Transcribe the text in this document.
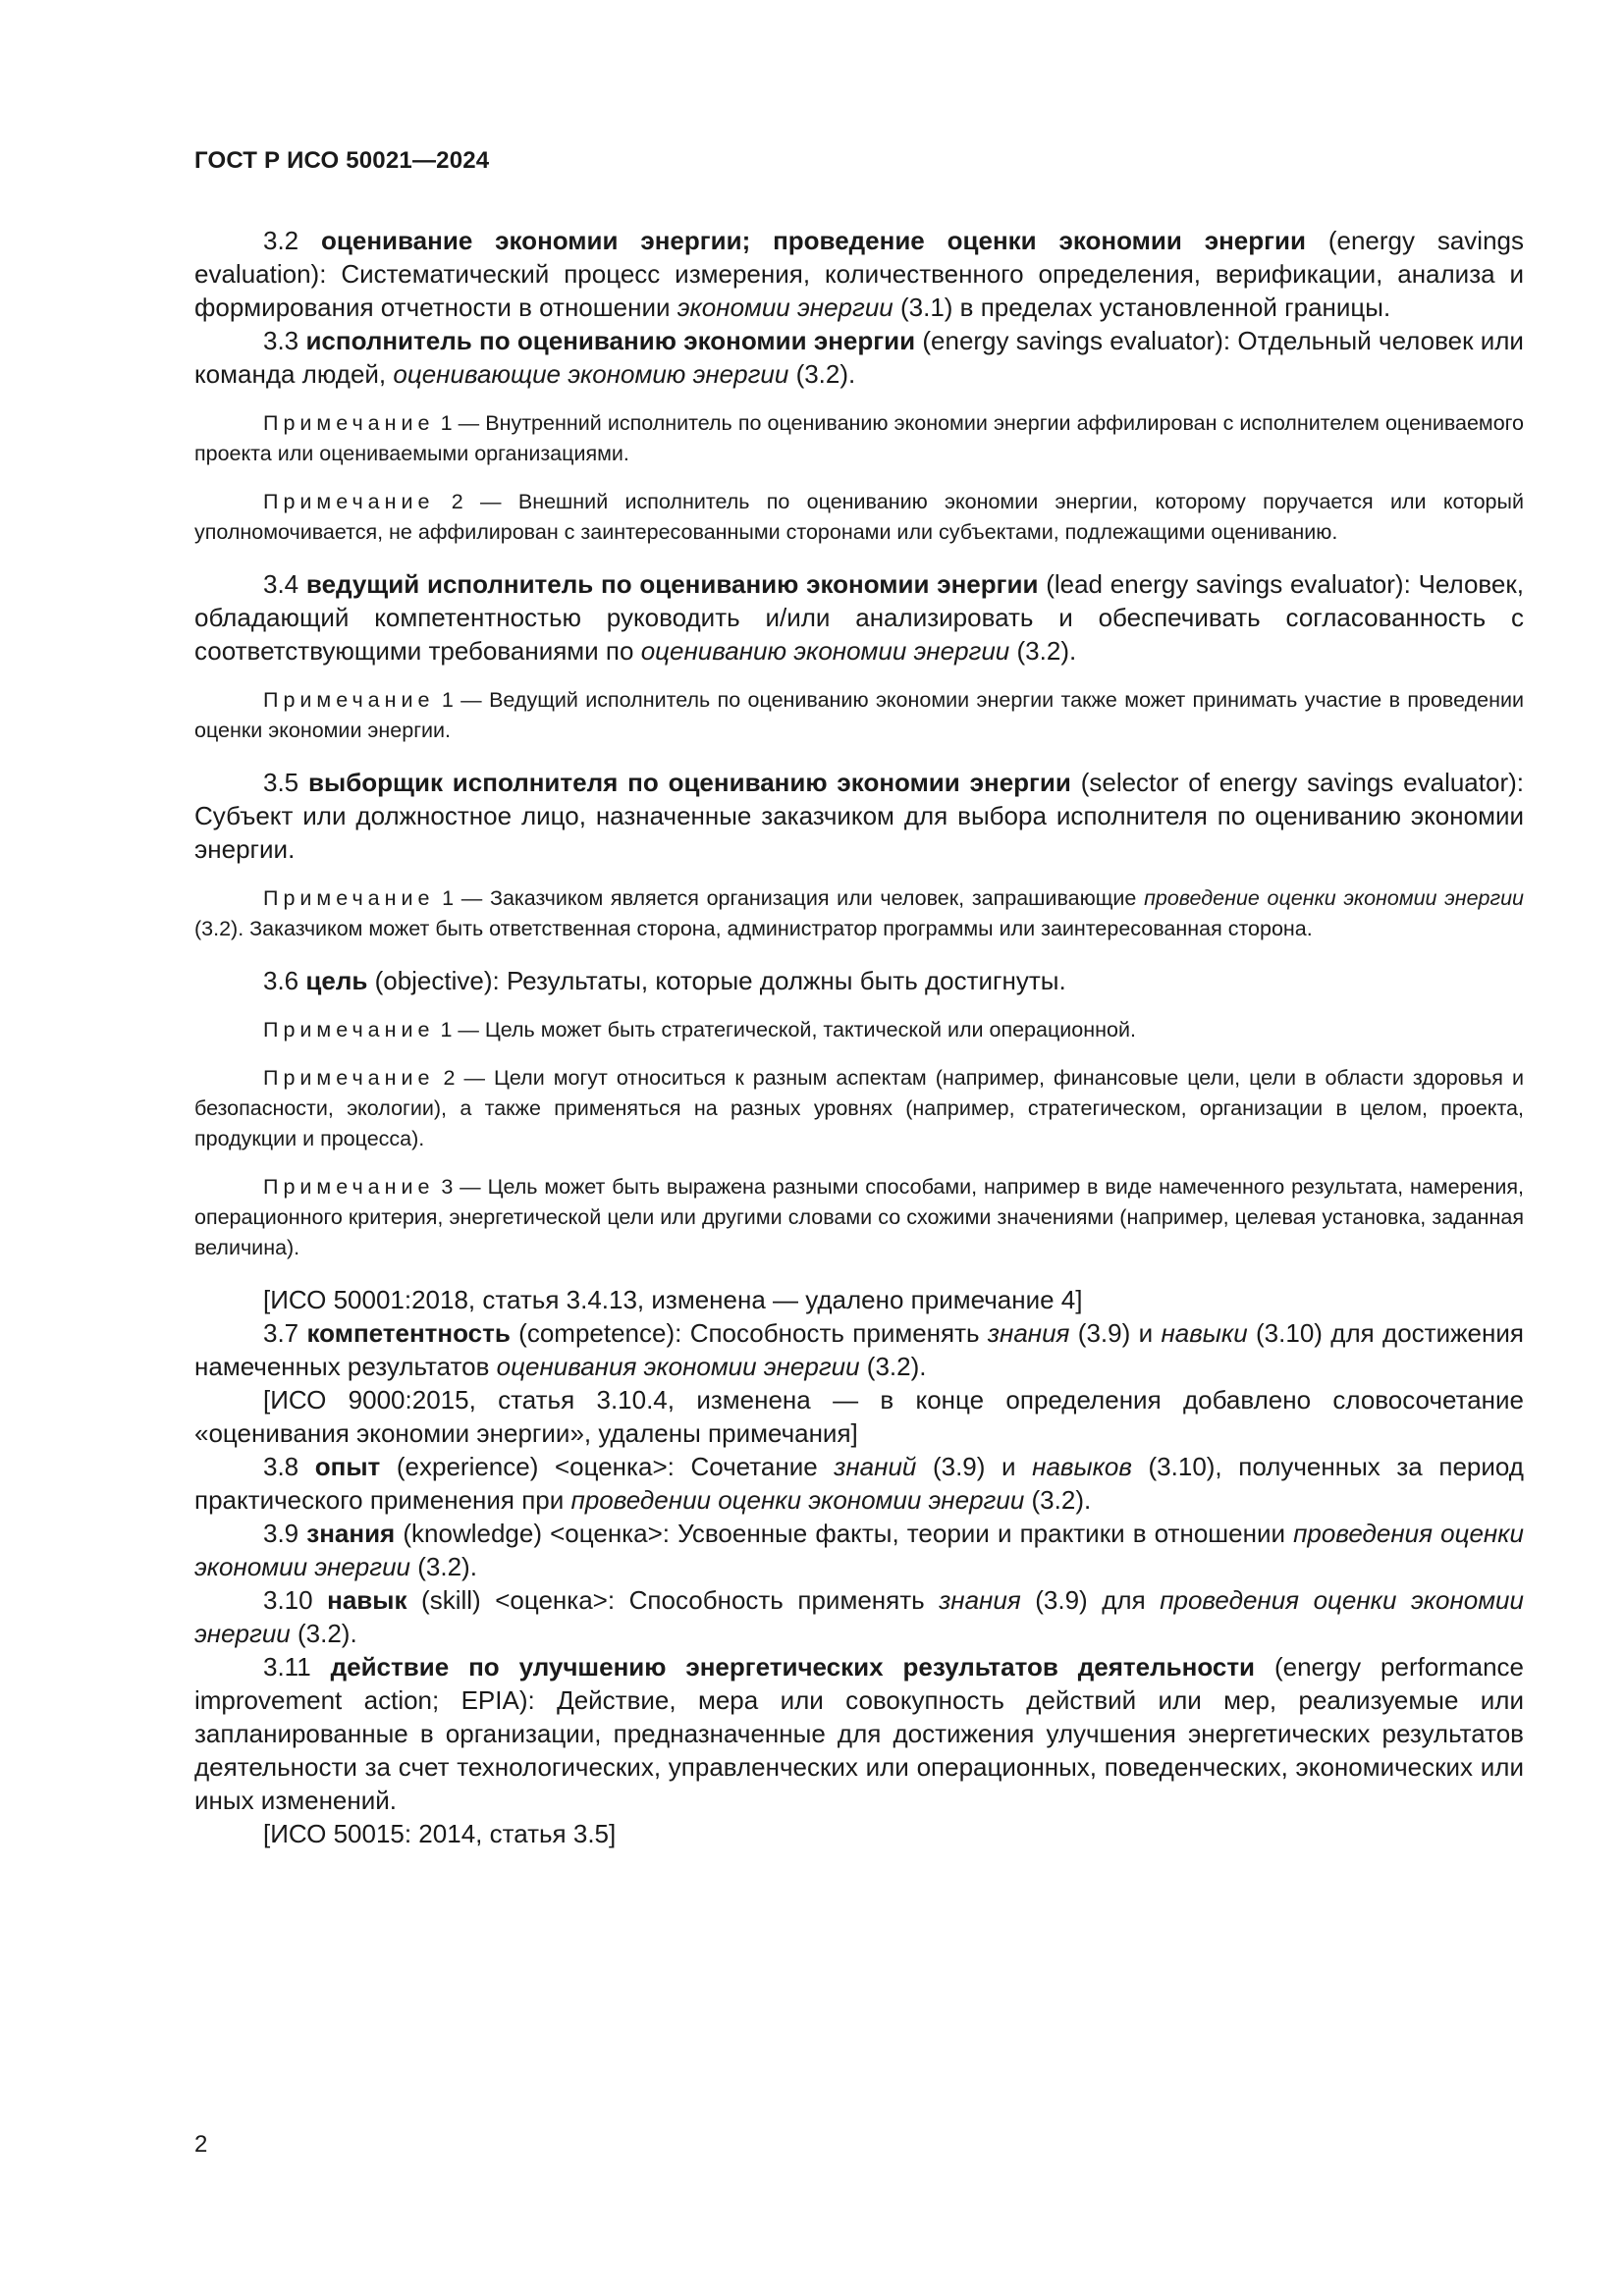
ГОСТ Р ИСО 50021—2024

3.2 оценивание экономии энергии; проведение оценки экономии энергии (energy savings evaluation): Систематический процесс измерения, количественного определения, верификации, анализа и формирования отчетности в отношении экономии энергии (3.1) в пределах установленной границы.

3.3 исполнитель по оцениванию экономии энергии (energy savings evaluator): Отдельный человек или команда людей, оценивающие экономию энергии (3.2).

Примечание 1 — Внутренний исполнитель по оцениванию экономии энергии аффилирован с исполнителем оцениваемого проекта или оцениваемыми организациями.

Примечание 2 — Внешний исполнитель по оцениванию экономии энергии, которому поручается или который уполномочивается, не аффилирован с заинтересованными сторонами или субъектами, подлежащими оцениванию.

3.4 ведущий исполнитель по оцениванию экономии энергии (lead energy savings evaluator): Человек, обладающий компетентностью руководить и/или анализировать и обеспечивать согласованность с соответствующими требованиями по оцениванию экономии энергии (3.2).

Примечание 1 — Ведущий исполнитель по оцениванию экономии энергии также может принимать участие в проведении оценки экономии энергии.

3.5 выборщик исполнителя по оцениванию экономии энергии (selector of energy savings evaluator): Субъект или должностное лицо, назначенные заказчиком для выбора исполнителя по оцениванию экономии энергии.

Примечание 1 — Заказчиком является организация или человек, запрашивающие проведение оценки экономии энергии (3.2). Заказчиком может быть ответственная сторона, администратор программы или заинтересованная сторона.

3.6 цель (objective): Результаты, которые должны быть достигнуты.

Примечание 1 — Цель может быть стратегической, тактической или операционной.

Примечание 2 — Цели могут относиться к разным аспектам (например, финансовые цели, цели в области здоровья и безопасности, экологии), а также применяться на разных уровнях (например, стратегическом, организации в целом, проекта, продукции и процесса).

Примечание 3 — Цель может быть выражена разными способами, например в виде намеченного результата, намерения, операционного критерия, энергетической цели или другими словами со схожими значениями (например, целевая установка, заданная величина).

[ИСО 50001:2018, статья 3.4.13, изменена — удалено примечание 4]

3.7 компетентность (competence): Способность применять знания (3.9) и навыки (3.10) для достижения намеченных результатов оценивания экономии энергии (3.2).

[ИСО 9000:2015, статья 3.10.4, изменена — в конце определения добавлено словосочетание «оценивания экономии энергии», удалены примечания]

3.8 опыт (experience) <оценка>: Сочетание знаний (3.9) и навыков (3.10), полученных за период практического применения при проведении оценки экономии энергии (3.2).

3.9 знания (knowledge) <оценка>: Усвоенные факты, теории и практики в отношении проведения оценки экономии энергии (3.2).

3.10 навык (skill) <оценка>: Способность применять знания (3.9) для проведения оценки экономии энергии (3.2).

3.11 действие по улучшению энергетических результатов деятельности (energy performance improvement action; EPIA): Действие, мера или совокупность действий или мер, реализуемые или запланированные в организации, предназначенные для достижения улучшения энергетических результатов деятельности за счет технологических, управленческих или операционных, поведенческих, экономических или иных изменений.

[ИСО 50015: 2014, статья 3.5]

2
